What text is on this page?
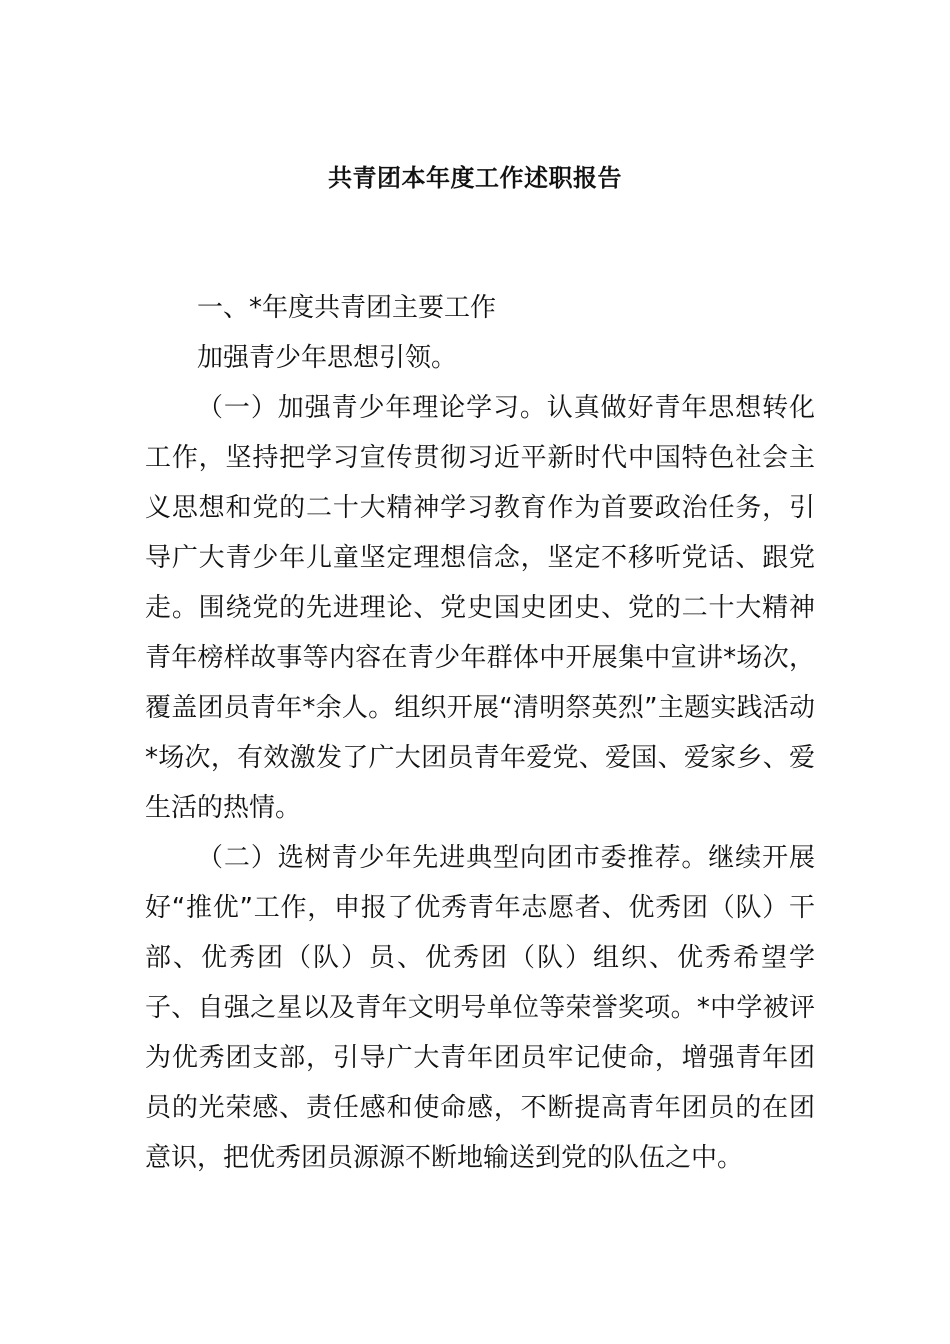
共青团本年度工作述职报告

一、*年度共青团主要工作

加强青少年思想引领。

（一）加强青少年理论学习。认真做好青年思想转化工作，坚持把学习宣传贯彻习近平新时代中国特色社会主义思想和党的二十大精神学习教育作为首要政治任务，引导广大青少年儿童坚定理想信念，坚定不移听党话、跟党走。围绕党的先进理论、党史国史团史、党的二十大精神青年榜样故事等内容在青少年群体中开展集中宣讲*场次，覆盖团员青年*余人。组织开展“清明祭英烈”主题实践活动*场次，有效激发了广大团员青年爱党、爱国、爱家乡、爱生活的热情。

（二）选树青少年先进典型向团市委推荐。继续开展好“推优”工作，申报了优秀青年志愿者、优秀团（队）干部、优秀团（队）员、优秀团（队）组织、优秀希望学子、自强之星以及青年文明号单位等荣誉奖项。*中学被评为优秀团支部，引导广大青年团员牢记使命，增强青年团员的光荣感、责任感和使命感，不断提高青年团员的在团意识，把优秀团员源源不断地输送到党的队伍之中。
